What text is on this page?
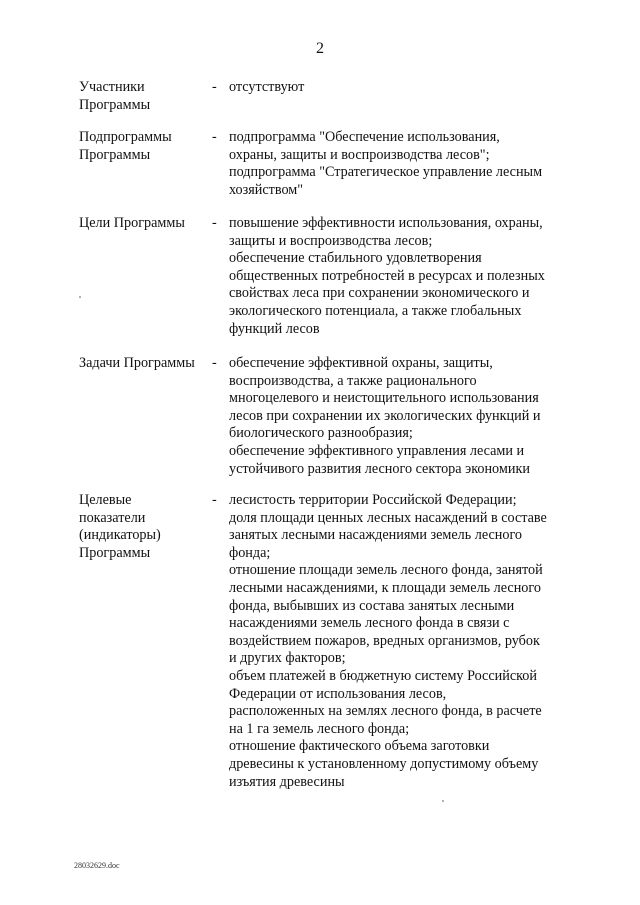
2
Участники
Программы
- отсутствуют
Подпрограммы
Программы
- подпрограмма "Обеспечение использования,
охраны, защиты и воспроизводства лесов";
подпрограмма "Стратегическое управление лесным
хозяйством"
Цели Программы	- повышение эффективности использования, охраны,
защиты и воспроизводства лесов;
обеспечение стабильного удовлетворения
общественных потребностей в ресурсах и полезных
свойствах леса при сохранении экономического и
экологического потенциала, а также глобальных
функций лесов
Задачи Программы	- обеспечение эффективной охраны, защиты,
воспроизводства, а также рационального
многоцелевого и неистощительного использования
лесов при сохранении их экологических функций и
биологического разнообразия;
обеспечение эффективного управления лесами и
устойчивого развития лесного сектора экономики
Целевые
показатели
(индикаторы)
Программы
- лесистость территории Российской Федерации;
доля площади ценных лесных насаждений в составе
занятых лесными насаждениями земель лесного
фонда;
отношение площади земель лесного фонда, занятой
лесными насаждениями, к площади земель лесного
фонда, выбывших из состава занятых лесными
насаждениями земель лесного фонда в связи с
воздействием пожаров, вредных организмов, рубок
и других факторов;
объем платежей в бюджетную систему Российской
Федерации от использования лесов,
расположенных на землях лесного фонда, в расчете
на 1 га земель лесного фонда;
отношение фактического объема заготовки
древесины к установленному допустимому объему
изъятия древесины
28032629.doc
